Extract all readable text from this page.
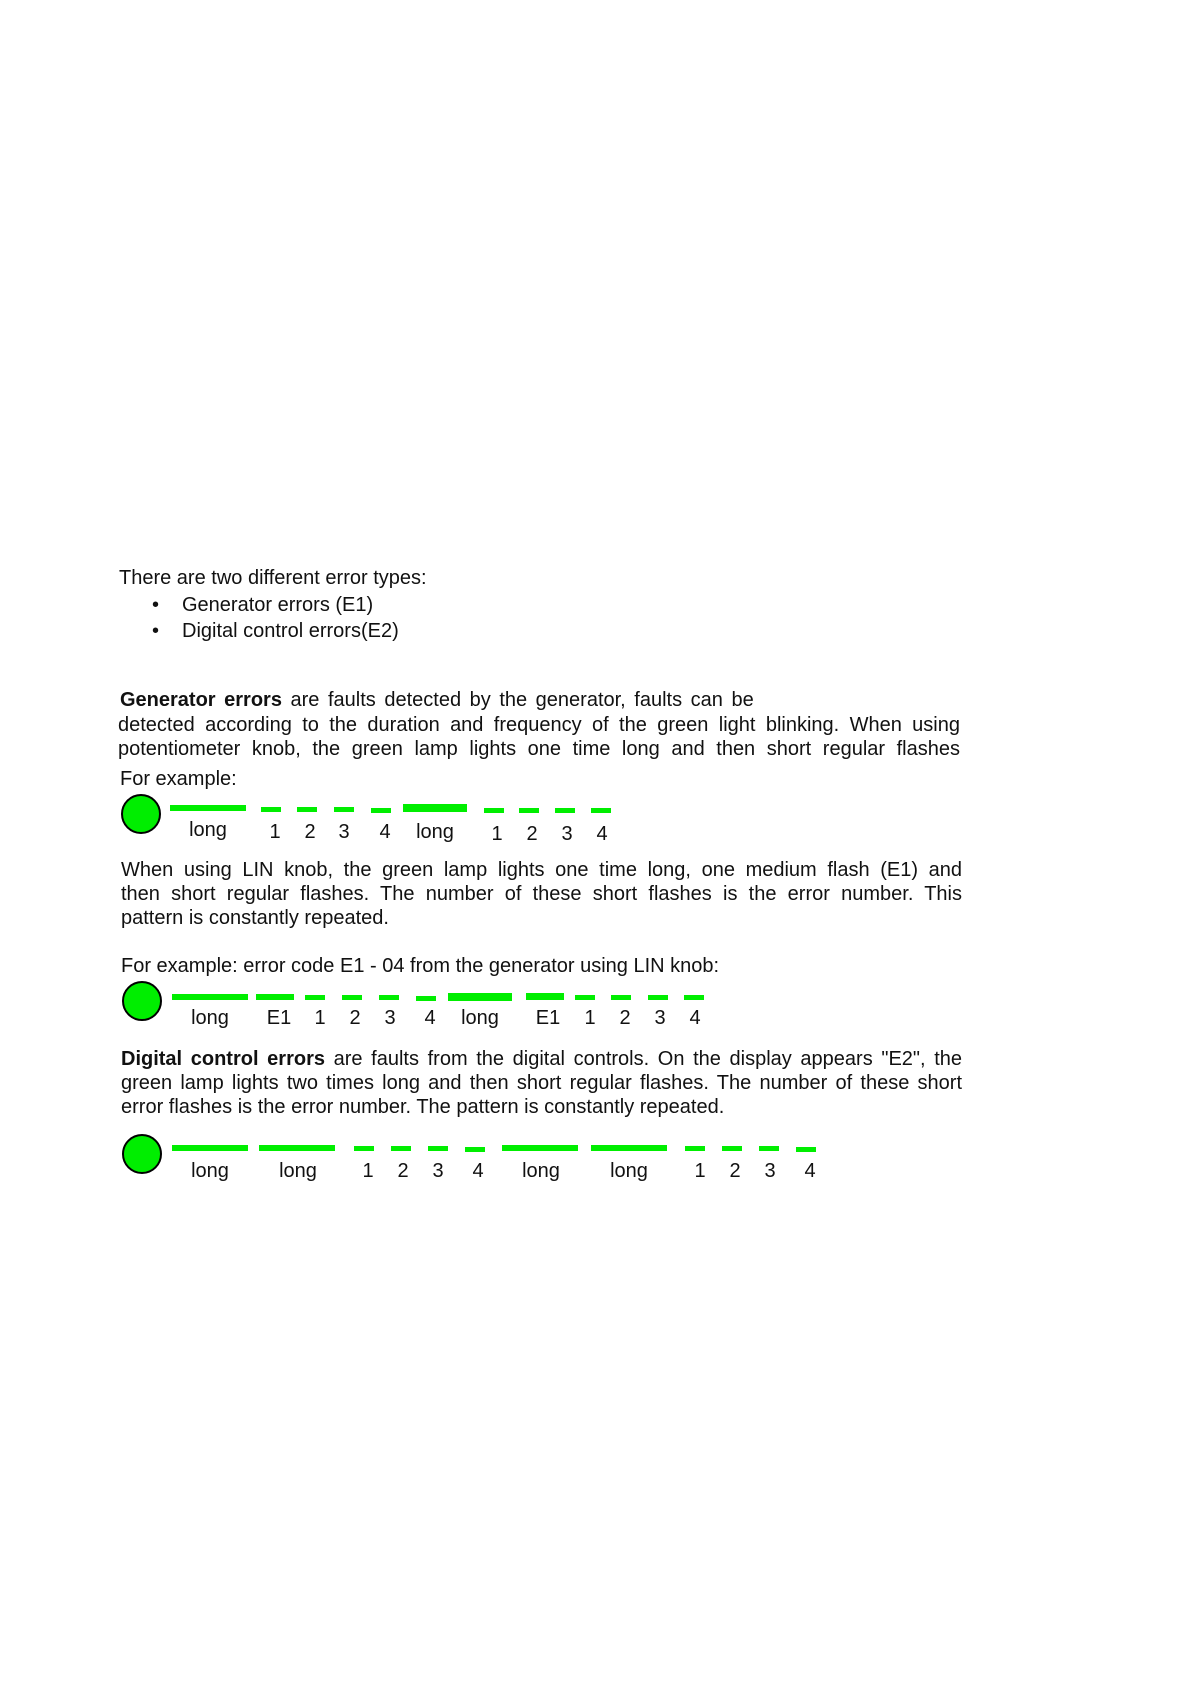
There are two different error types:
• Generator errors (E1)
• Digital control errors(E2)
Generator errors are faults detected by the generator, faults can be
detected according to the duration and frequency of the green light blinking. When using
potentiometer knob, the green lamp lights one time long and then short regular flashes
For example:
When using LIN knob, the green lamp lights one time long, one medium flash (E1) and
then short regular flashes. The number of these short flashes is the error number. This
pattern is constantly repeated.
For example: error code E1 - 04 from the generator using LIN knob:
Digital control errors are faults from the digital controls. On the display appears "E2", the
green lamp lights two times long and then short regular flashes. The number of these short
error flashes is the error number. The pattern is constantly repeated.
long 1 2 3 4 long 1 2 3 4
long E1 1 2 3 4 long E1 1 2 3 4
long	long 1 2 3 4 long	long 1 2 3 4
